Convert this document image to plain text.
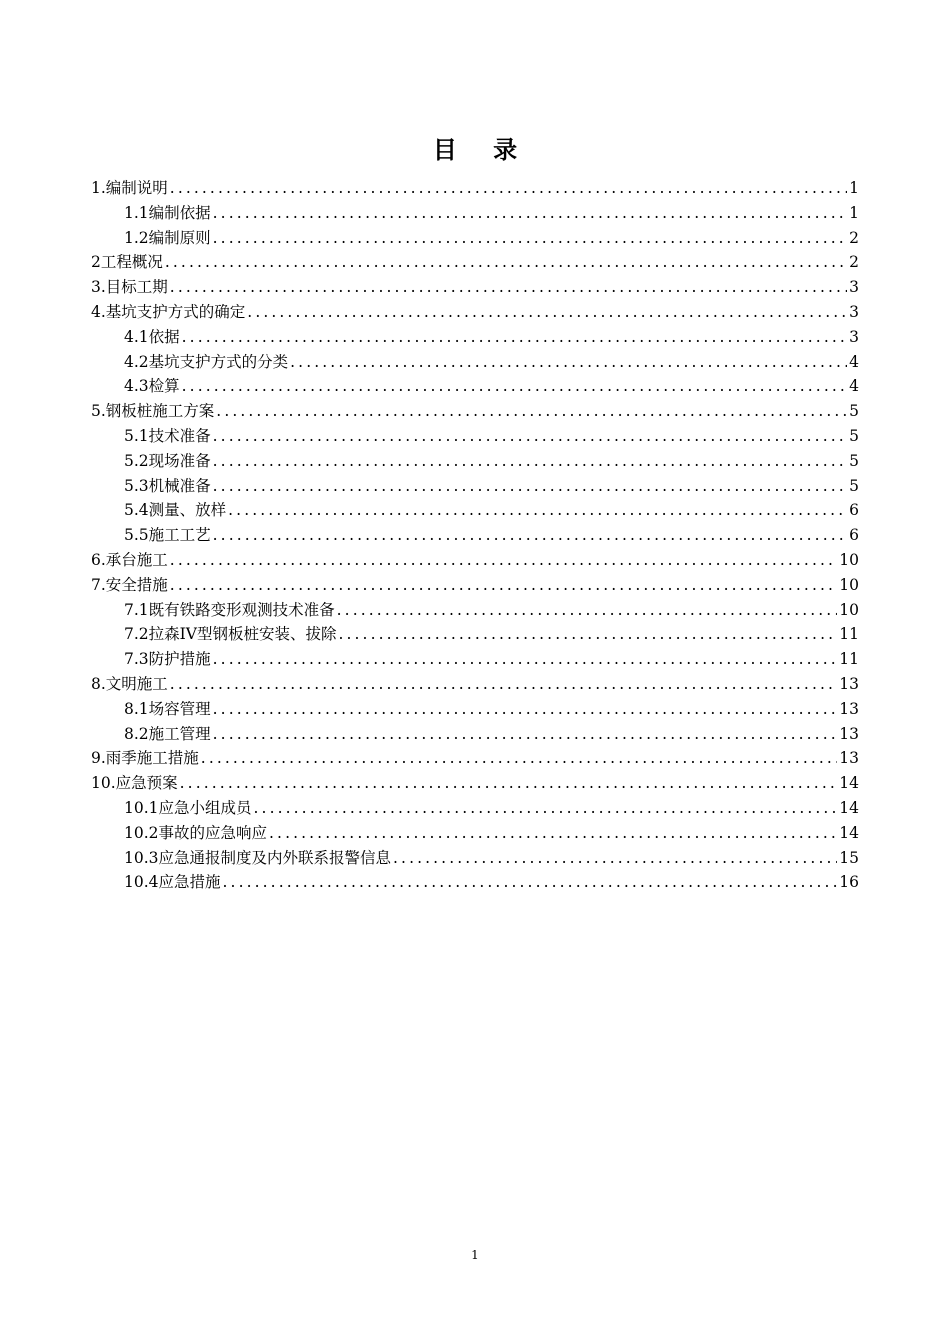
目 录
1.编制说明 .....	1
1.1编制依据 .....	1
1.2编制原则 .....	2
2工程概况 .....	2
3.目标工期 .....	3
4.基坑支护方式的确定 .....	3
4.1依据 .....	3
4.2基坑支护方式的分类 .....	4
4.3检算 .....	4
5.钢板桩施工方案 .....	5
5.1技术准备 .....	5
5.2现场准备 .....	5
5.3机械准备 .....	5
5.4测量、放样 .....	6
5.5施工工艺 .....	6
6.承台施工 .....	10
7.安全措施 .....	10
7.1既有铁路变形观测技术准备 .....	10
7.2拉森IV型钢板桩安装、拔除 .....	11
7.3防护措施 .....	11
8.文明施工 .....	13
8.1场容管理 .....	13
8.2施工管理 .....	13
9.雨季施工措施 .....	13
10.应急预案 .....	14
10.1应急小组成员 .....	14
10.2事故的应急响应 .....	14
10.3应急通报制度及内外联系报警信息 .....	15
10.4应急措施 .....	16

1
